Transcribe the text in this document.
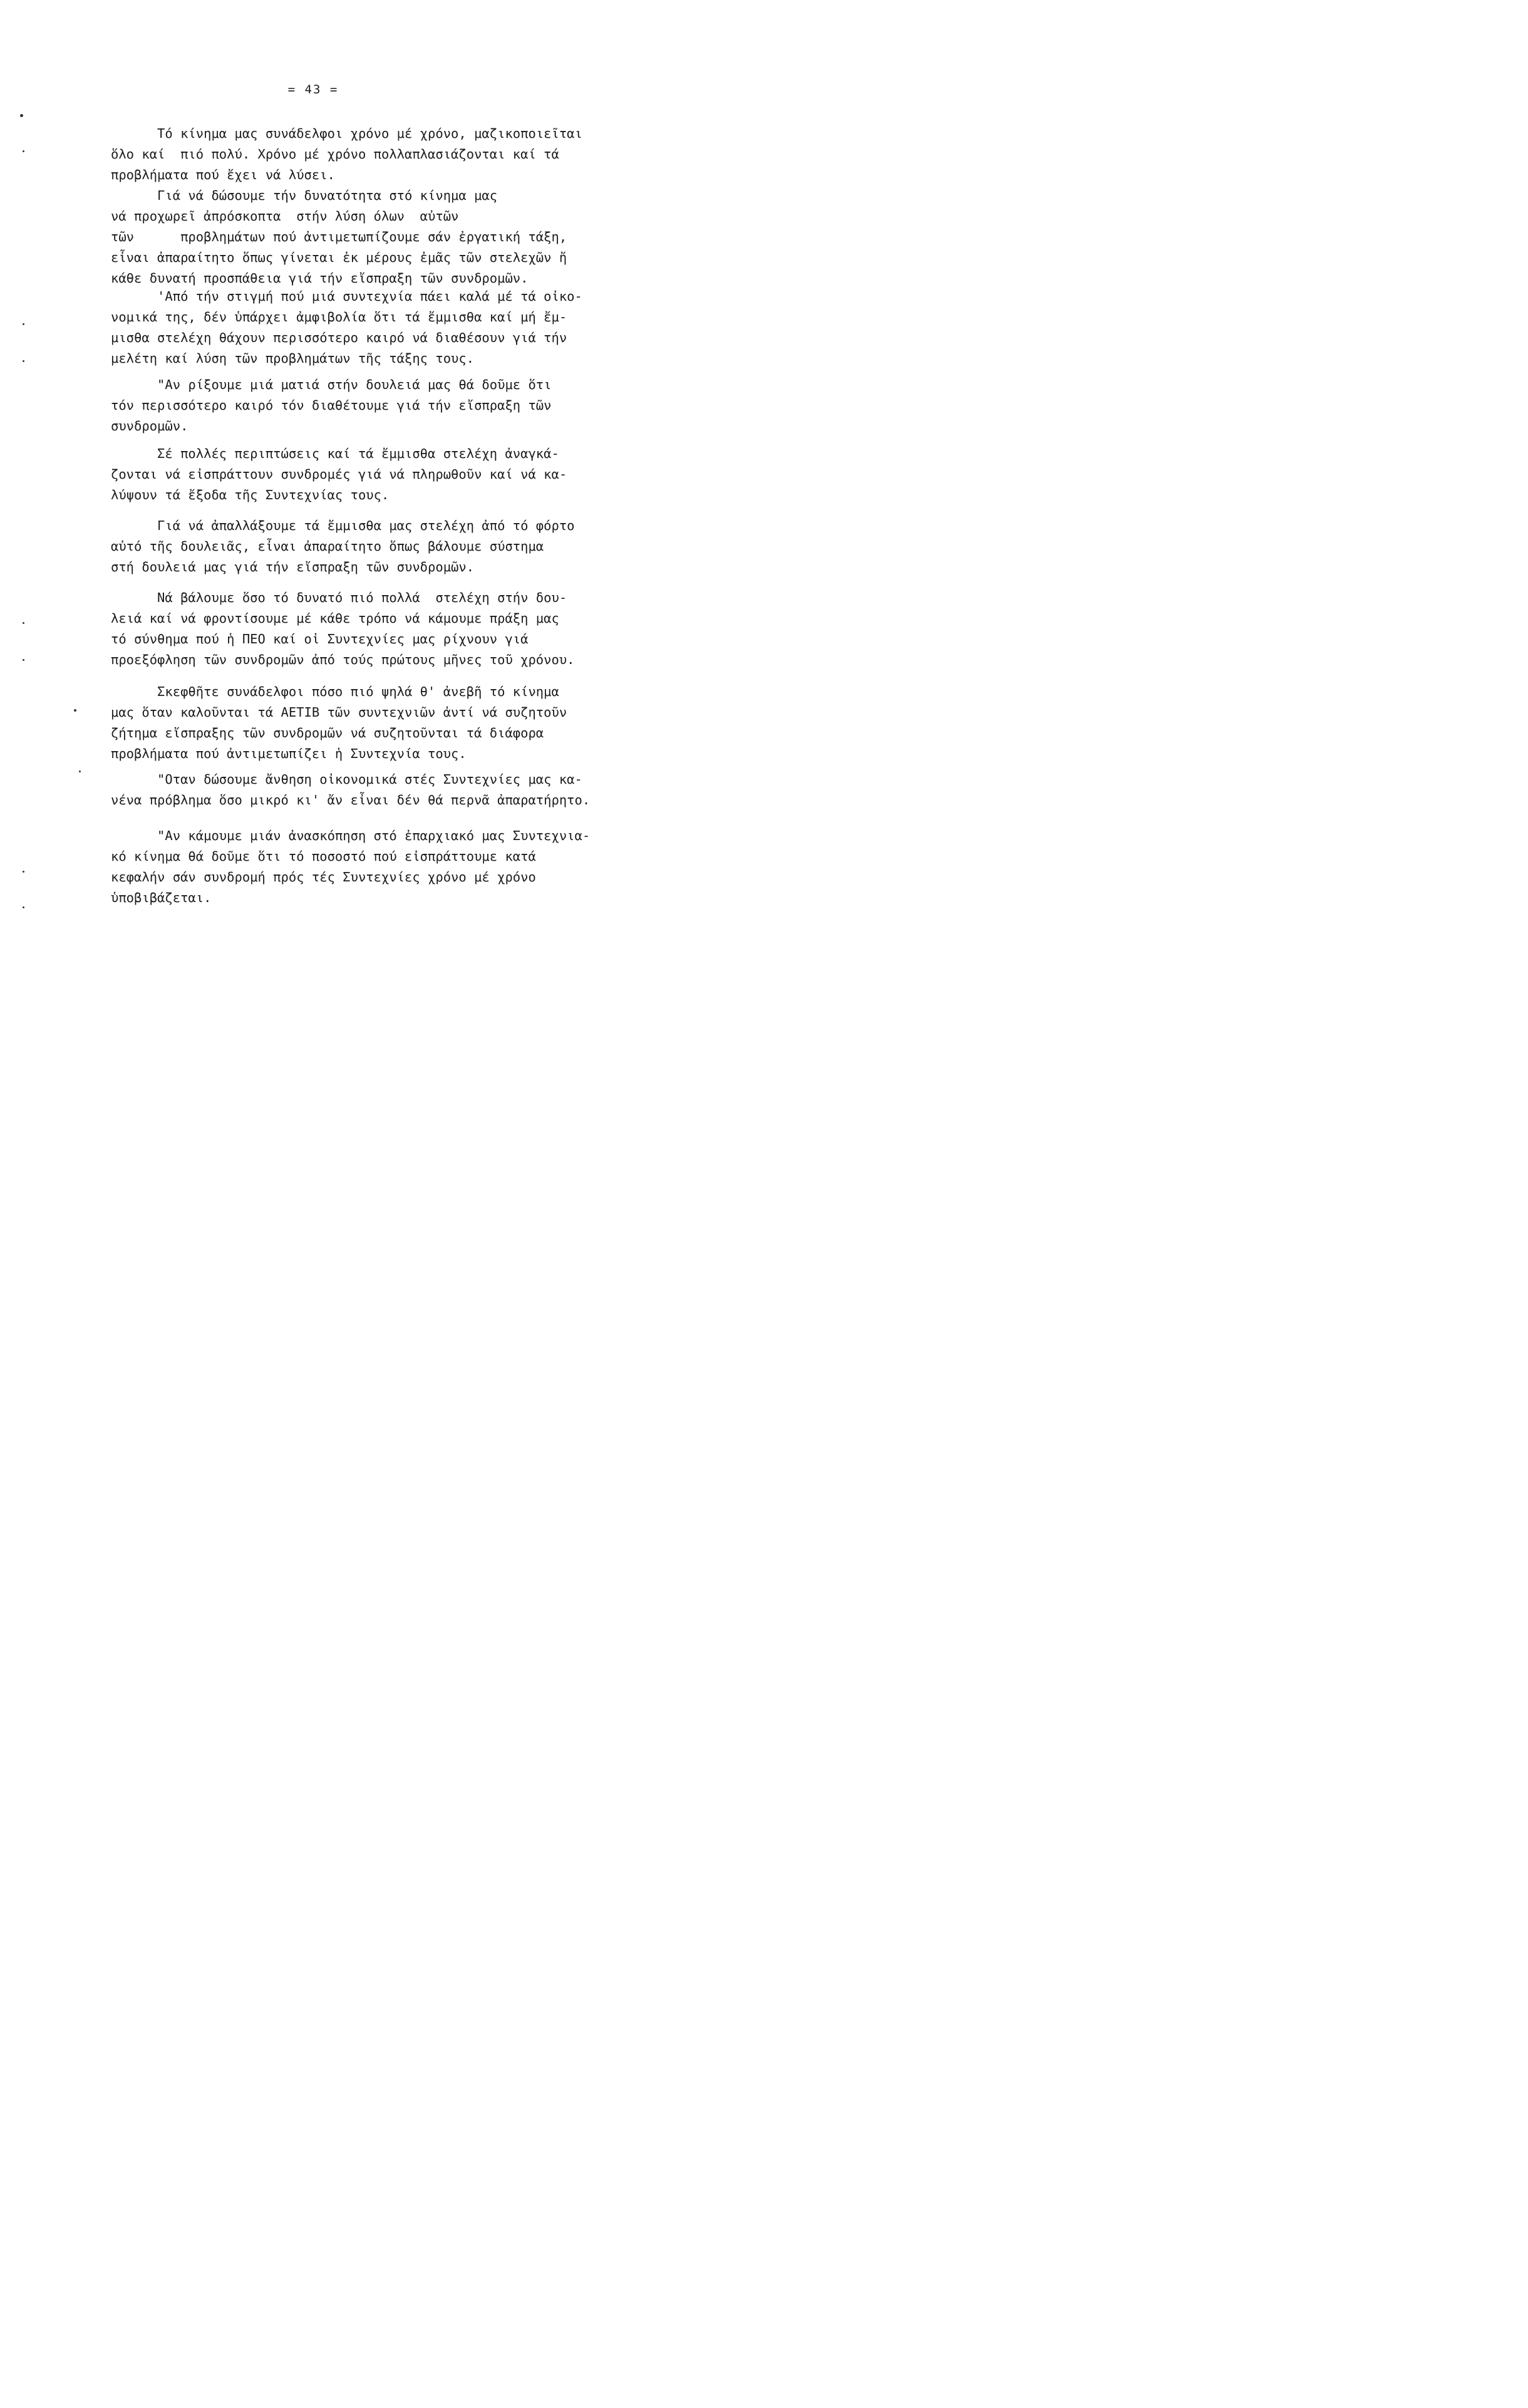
= 43 =

Τό κίνημα μας συνάδελφοι χρόνο μέ χρόνο, μαζικοποιεῖται
ὅλο καί  πιό πολύ. Χρόνο μέ χρόνο πολλαπλασιάζονται καί τά
προβλήματα πού ἔχει νά λύσει.
Γιά νά δώσουμε τήν δυνατότητα στό κίνημα μας
νά προχωρεῖ ἀπρόσκοπτα  στήν λύση όλων  αὐτῶν
τῶν      προβλημάτων πού ἀντιμετωπίζουμε σάν ἐργατική τάξη,
εἶναι ἀπαραίτητο ὅπως γίνεται ἐκ μέρους ἐμᾶς τῶν στελεχῶν ἤ
κάθε δυνατή προσπάθεια γιά τήν εἴσπραξη τῶν συνδρομῶν.

'Από τήν στιγμή πού μιά συντεχνία πάει καλά μέ τά οἰκο-
νομικά της, δέν ὑπάρχει ἀμφιβολία ὅτι τά ἔμμισθα καί μή ἔμ-
μισθα στελέχη θάχουν περισσότερο καιρό νά διαθέσουν γιά τήν
μελέτη καί λύση τῶν προβλημάτων τῆς τάξης τους.

"Αν ρίξουμε μιά ματιά στήν δουλειά μας θά δοῦμε ὅτι
τόν περισσότερο καιρό τόν διαθέτουμε γιά τήν εἴσπραξη τῶν
συνδρομῶν.

Σέ πολλές περιπτώσεις καί τά ἔμμισθα στελέχη ἀναγκά-
ζονται νά εἰσπράττουν συνδρομές γιά νά πληρωθοῦν καί νά κα-
λύψουν τά ἔξοδα τῆς Συντεχνίας τους.

Γιά νά ἀπαλλάξουμε τά ἔμμισθα μας στελέχη ἀπό τό φόρτο
αὐτό τῆς δουλειᾶς, εἶναι ἀπαραίτητο ὅπως βάλουμε σύστημα
στή δουλειά μας γιά τήν εἴσπραξη τῶν συνδρομῶν.

Νά βάλουμε ὅσο τό δυνατό πιό πολλά  στελέχη στήν δου-
λειά καί νά φροντίσουμε μέ κάθε τρόπο νά κάμουμε πράξη μας
τό σύνθημα πού ἡ ΠΕΟ καί οἱ Συντεχνίες μας ρίχνουν γιά
προεξόφληση τῶν συνδρομῶν ἀπό τούς πρώτους μῆνες τοῦ χρόνου.

Σκεφθῆτε συνάδελφοι πόσο πιό ψηλά θ' ἀνεβῆ τό κίνημα
μας ὅταν καλοῦνται τά ΑΕΤΙΒ τῶν συντεχνιῶν ἀντί νά συζητοῦν
ζήτημα εἴσπραξης τῶν συνδρομῶν νά συζητοῦνται τά διάφορα
προβλήματα πού ἀντιμετωπίζει ἡ Συντεχνία τους.

"Οταν δώσουμε ἄνθηση οἰκονομικά στές Συντεχνίες μας κα-
νένα πρόβλημα ὅσο μικρό κι' ἄν εἶναι δέν θά περνᾶ ἀπαρατήρητο.

"Αν κάμουμε μιάν ἀνασκόπηση στό ἐπαρχιακό μας Συντεχνια-
κό κίνημα θά δοῦμε ὅτι τό ποσοστό πού εἰσπράττουμε κατά
κεφαλήν σάν συνδρομή πρός τές Συντεχνίες χρόνο μέ χρόνο
ὑποβιβάζεται.
